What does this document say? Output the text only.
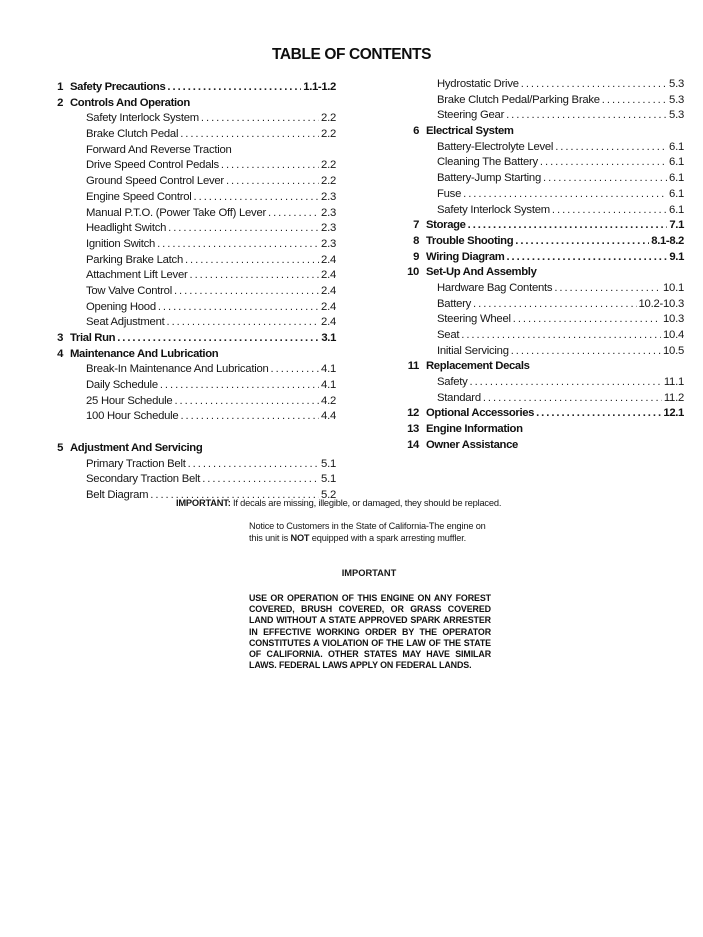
TABLE OF CONTENTS
1 Safety Precautions . . .	1.1-1.2
2 Controls And Operation
Safety Interlock System . . .	2.2
Brake Clutch Pedal . . .	2.2
Forward And Reverse Traction
Drive Speed Control Pedals . . .	2.2
Ground Speed Control Lever . . .	2.2
Engine Speed Control . . .	2.3
Manual P.T.O. (Power Take Off) Lever . . .	2.3
Headlight Switch . . .	2.3
Ignition Switch . . .	2.3
Parking Brake Latch . . .	2.4
Attachment Lift Lever . . .	2.4
Tow Valve Control . . .	2.4
Opening Hood . . .	2.4
Seat Adjustment . . .	2.4
3 Trial Run . . .	3.1
4 Maintenance And Lubrication
Break-In Maintenance And Lubrication . . .	4.1
Daily Schedule . . .	4.1
25 Hour Schedule . . .	4.2
100 Hour Schedule . . .	4.4
5 Adjustment And Servicing
Primary Traction Belt . . .	5.1
Secondary Traction Belt . . .	5.1
Belt Diagram . . .	5.2
Hydrostatic Drive . . .	5.3
Brake Clutch Pedal/Parking Brake . . .	5.3
Steering Gear . . .	5.3
6 Electrical System
Battery-Electrolyte Level . . .	6.1
Cleaning The Battery . . .	6.1
Battery-Jump Starting . . .	6.1
Fuse . . .	6.1
Safety Interlock System . . .	6.1
7 Storage . . .	7.1
8 Trouble Shooting . . .	8.1-8.2
9 Wiring Diagram . . .	9.1
10 Set-Up And Assembly
Hardware Bag Contents . . .	10.1
Battery . . .	10.2-10.3
Steering Wheel . . .	10.3
Seat . . .	10.4
Initial Servicing . . .	10.5
11 Replacement Decals
Safety . . .	11.1
Standard . . .	11.2
12 Optional Accessories . . .	12.1
13 Engine Information
14 Owner Assistance
IMPORTANT: If decals are missing, illegible, or damaged, they should be replaced.
Notice to Customers in the State of California-The engine on this unit is NOT equipped with a spark arresting muffler.
IMPORTANT
USE OR OPERATION OF THIS ENGINE ON ANY FOREST COVERED, BRUSH COVERED, OR GRASS COVERED LAND WITHOUT A STATE APPROVED SPARK ARRESTER IN EFFECTIVE WORKING ORDER BY THE OPERATOR CONSTITUTES A VIOLATION OF THE LAW OF THE STATE OF CALIFORNIA. OTHER STATES MAY HAVE SIMILAR LAWS. FEDERAL LAWS APPLY ON FEDERAL LANDS.
